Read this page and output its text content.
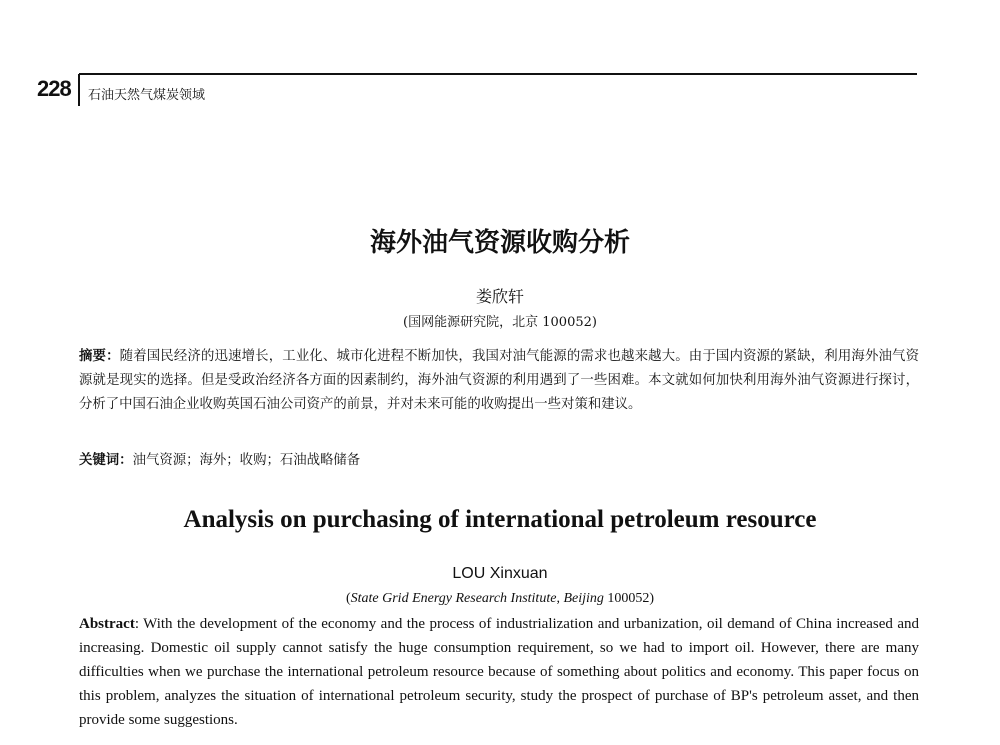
228 石油天然气煤炭领域
海外油气资源收购分析
娄欣轩
(国网能源研究院，北京 100052)
摘要：随着国民经济的迅速增长，工业化、城市化进程不断加快，我国对油气能源的需求也越来越大。由于国内资源的紧缺，利用海外油气资源就是现实的选择。但是受政治经济各方面的因素制约，海外油气资源的利用遇到了一些困难。本文就如何加快利用海外油气资源进行探讨，分析了中国石油企业收购英国石油公司资产的前景，并对未来可能的收购提出一些对策和建议。
关键词：油气资源；海外；收购；石油战略储备
Analysis on purchasing of international petroleum resource
LOU Xinxuan
(State Grid Energy Research Institute, Beijing 100052)
Abstract: With the development of the economy and the process of industrialization and urbanization, oil demand of China increased and increasing. Domestic oil supply cannot satisfy the huge consumption requirement, so we had to import oil. However, there are many difficulties when we purchase the international petroleum resource because of something about politics and economy. This paper focus on this problem, analyzes the situation of international petroleum security, study the prospect of purchase of BP's petroleum asset, and then provide some suggestions.
